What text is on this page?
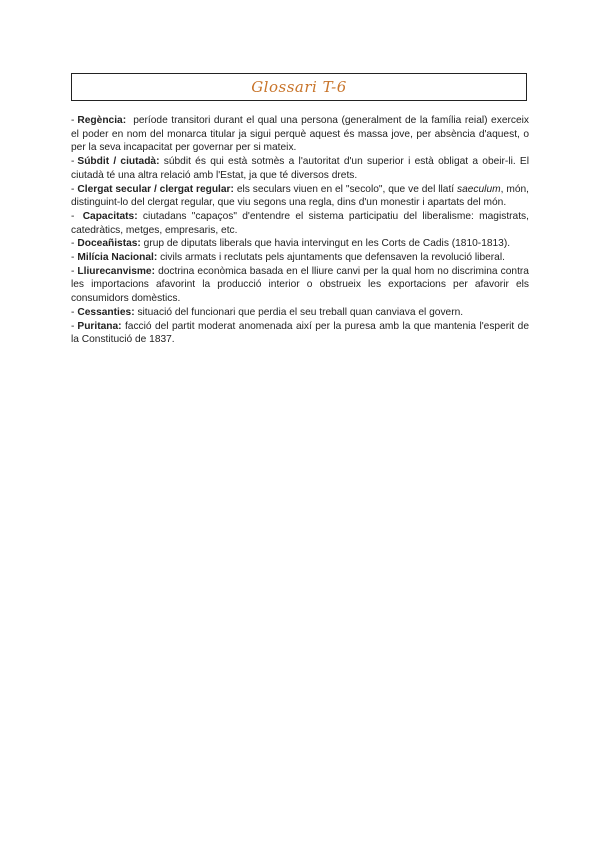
Glossari T-6

- Regència: període transitori durant el qual una persona (generalment de la família reial) exerceix el poder en nom del monarca titular ja sigui perquè aquest és massa jove, per absència d'aquest, o per la seva incapacitat per governar per si mateix.

- Súbdit / ciutadà: súbdit és qui està sotmès a l'autoritat d'un superior i està obligat a obeir-li. El ciutadà té una altra relació amb l'Estat, ja que té diversos drets.

- Clergat secular / clergat regular: els seculars viuen en el "secolo", que ve del llatí saeculum, món, distinguint-lo del clergat regular, que viu segons una regla, dins d'un monestir i apartats del món.

- Capacitats: ciutadans "capaços" d'entendre el sistema participatiu del liberalisme: magistrats, catedràtics, metges, empresaris, etc.

- Doceañistas: grup de diputats liberals que havia intervingut en les Corts de Cadis (1810-1813).

- Milícia Nacional: civils armats i reclutats pels ajuntaments que defensaven la revolució liberal.

- Lliurecanvisme: doctrina econòmica basada en el lliure canvi per la qual hom no discrimina contra les importacions afavorint la producció interior o obstrueix les exportacions per afavorir els consumidors domèstics.

- Cessanties: situació del funcionari que perdia el seu treball quan canviava el govern.

- Puritana: facció del partit moderat anomenada així per la puresa amb la que mantenia l'esperit de la Constitució de 1837.
